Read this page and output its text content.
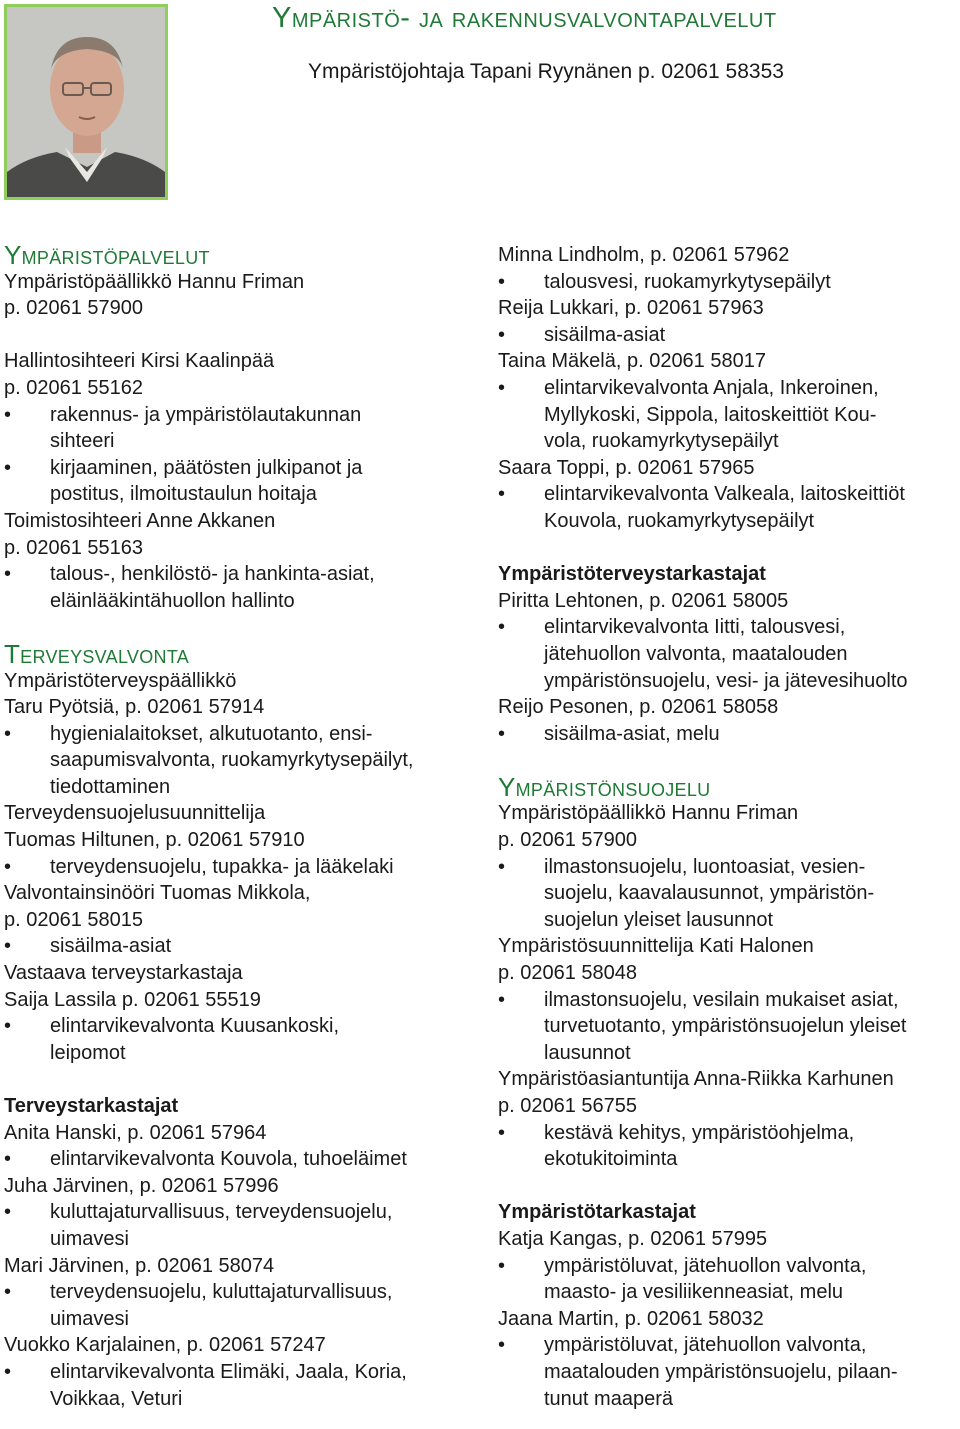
Ympäristö- ja rakennusvalvontapalvelut
Ympäristöjohtaja Tapani Ryynänen p. 02061 58353
Ympäristöpalvelut
Ympäristöpäällikkö Hannu Friman
p. 02061 57900
Hallintosihteeri Kirsi Kaalinpää
p. 02061 55162
• rakennus- ja ympäristölautakunnan
sihteeri
• kirjaaminen, päätösten julkipanot ja
postitus, ilmoitustaulun hoitaja
Toimistosihteeri Anne Akkanen
p. 02061 55163
• talous-, henkilöstö- ja hankinta-asiat,
eläinlääkintähuollon hallinto
Terveysvalvonta
Ympäristöterveyspäällikkö
Taru Pyötsiä, p. 02061 57914
• hygienialaitokset, alkutuotanto, ensi-
saapumisvalvonta, ruokamyrkytysepäilyt,
tiedottaminen
Terveydensuojelusuunnittelija
Tuomas Hiltunen, p. 02061 57910
• terveydensuojelu, tupakka- ja lääkelaki
Valvontainsinööri Tuomas Mikkola,
p. 02061 58015
• sisäilma-asiat
Vastaava terveystarkastaja
Saija Lassila p. 02061 55519
• elintarvikevalvonta Kuusankoski,
leipomot
Terveystarkastajat
Anita Hanski, p. 02061 57964
• elintarvikevalvonta Kouvola, tuhoeläimet
Juha Järvinen, p. 02061 57996
• kuluttajaturvallisuus, terveydensuojelu,
uimavesi
Mari Järvinen, p. 02061 58074
• terveydensuojelu, kuluttajaturvallisuus,
uimavesi
Vuokko Karjalainen, p. 02061 57247
• elintarvikevalvonta Elimäki, Jaala, Koria,
Voikkaa, Veturi
Minna Lindholm, p. 02061 57962
• talousvesi, ruokamyrkytysepäilyt
Reija Lukkari, p. 02061 57963
• sisäilma-asiat
Taina Mäkelä, p. 02061 58017
• elintarvikevalvonta Anjala, Inkeroinen,
Myllykoski, Sippola, laitoskeittiöt Kou-
vola, ruokamyrkytysepäilyt
Saara Toppi, p. 02061 57965
• elintarvikevalvonta Valkeala, laitoskeittiöt
Kouvola, ruokamyrkytysepäilyt
Ympäristöterveystarkastajat
Piritta Lehtonen, p. 02061 58005
• elintarvikevalvonta Iitti, talousvesi,
jätehuollon valvonta, maatalouden
ympäristönsuojelu, vesi- ja jätevesihuolto
Reijo Pesonen, p. 02061 58058
• sisäilma-asiat, melu
Ympäristönsuojelu
Ympäristöpäällikkö Hannu Friman
p. 02061 57900
• ilmastonsuojelu, luontoasiat, vesien-
suojelu, kaavalausunnot, ympäristön-
suojelun yleiset lausunnot
Ympäristösuunnittelija Kati Halonen
p. 02061 58048
• ilmastonsuojelu, vesilain mukaiset asiat,
turvetuotanto, ympäristönsuojelun yleiset
lausunnot
Ympäristöasiantuntija Anna-Riikka Karhunen
p. 02061 56755
• kestävä kehitys, ympäristöohjelma,
ekotukitoiminta
Ympäristötarkastajat
Katja Kangas, p. 02061 57995
• ympäristöluvat, jätehuollon valvonta,
maasto- ja vesiliikenneasiat, melu
Jaana Martin, p. 02061 58032
• ympäristöluvat, jätehuollon valvonta,
maatalouden ympäristönsuojelu, pilaan-
tunut maaperä
